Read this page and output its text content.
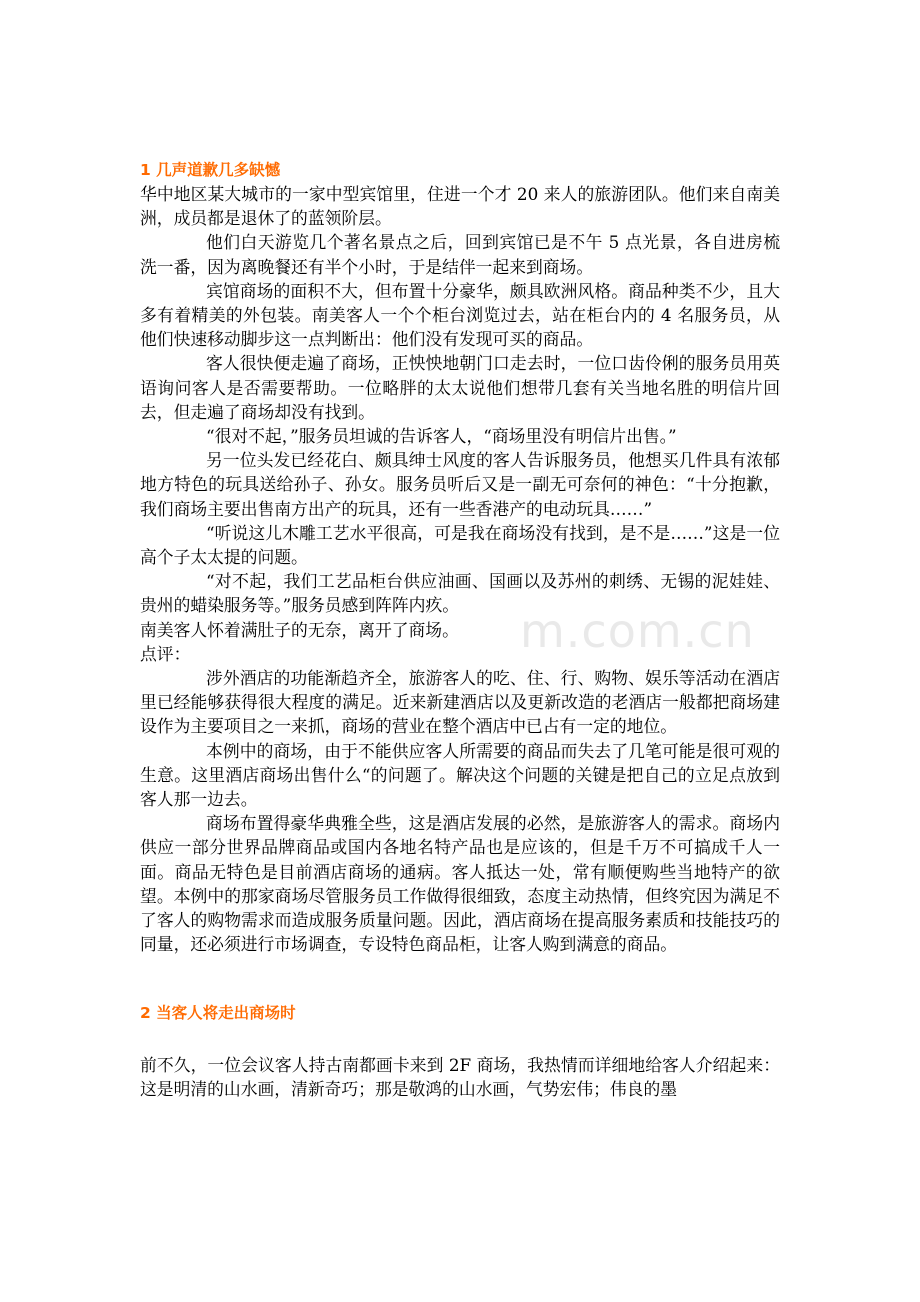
m.com.cn
1 几声道歉几多缺憾

华中地区某大城市的一家中型宾馆里，住进一个才 20 来人的旅游团队。他们来自南美洲，成员都是退休了的蓝领阶层。

他们白天游览几个著名景点之后，回到宾馆已是不午 5 点光景，各自进房梳洗一番，因为离晚餐还有半个小时，于是结伴一起来到商场。

宾馆商场的面积不大，但布置十分豪华，颇具欧洲风格。商品种类不少，且大多有着精美的外包装。南美客人一个个柜台浏览过去，站在柜台内的 4 名服务员，从他们快速移动脚步这一点判断出：他们没有发现可买的商品。

客人很快便走遍了商场，正怏怏地朝门口走去时，一位口齿伶俐的服务员用英语询问客人是否需要帮助。一位略胖的太太说他们想带几套有关当地名胜的明信片回去，但走遍了商场却没有找到。

“很对不起，”服务员坦诚的告诉客人，“商场里没有明信片出售。”

另一位头发已经花白、颇具绅士风度的客人告诉服务员，他想买几件具有浓郁地方特色的玩具送给孙子、孙女。服务员听后又是一副无可奈何的神色：“十分抱歉，我们商场主要出售南方出产的玩具，还有一些香港产的电动玩具……”

“听说这儿木雕工艺水平很高，可是我在商场没有找到，是不是……”这是一位高个子太太提的问题。

“对不起，我们工艺品柜台供应油画、国画以及苏州的刺绣、无锡的泥娃娃、贵州的蜡染服务等。”服务员感到阵阵内疚。

南美客人怀着满肚子的无奈，离开了商场。

点评：

涉外酒店的功能渐趋齐全，旅游客人的吃、住、行、购物、娱乐等活动在酒店里已经能够获得很大程度的满足。近来新建酒店以及更新改造的老酒店一般都把商场建设作为主要项目之一来抓，商场的营业在整个酒店中已占有一定的地位。

本例中的商场，由于不能供应客人所需要的商品而失去了几笔可能是很可观的生意。这里酒店商场出售什么“的问题了。解决这个问题的关键是把自己的立足点放到客人那一边去。

商场布置得豪华典雅全些，这是酒店发展的必然，是旅游客人的需求。商场内供应一部分世界品牌商品或国内各地名特产品也是应该的，但是千万不可搞成千人一面。商品无特色是目前酒店商场的通病。客人抵达一处，常有顺便购些当地特产的欲望。本例中的那家商场尽管服务员工作做得很细致，态度主动热情，但终究因为满足不了客人的购物需求而造成服务质量问题。因此，酒店商场在提高服务素质和技能技巧的同量，还必须进行市场调查，专设特色商品柜，让客人购到满意的商品。

2 当客人将走出商场时

前不久，一位会议客人持古南都画卡来到 2F 商场，我热情而详细地给客人介绍起来：这是明清的山水画，清新奇巧；那是敬鸿的山水画，气势宏伟；伟良的墨
